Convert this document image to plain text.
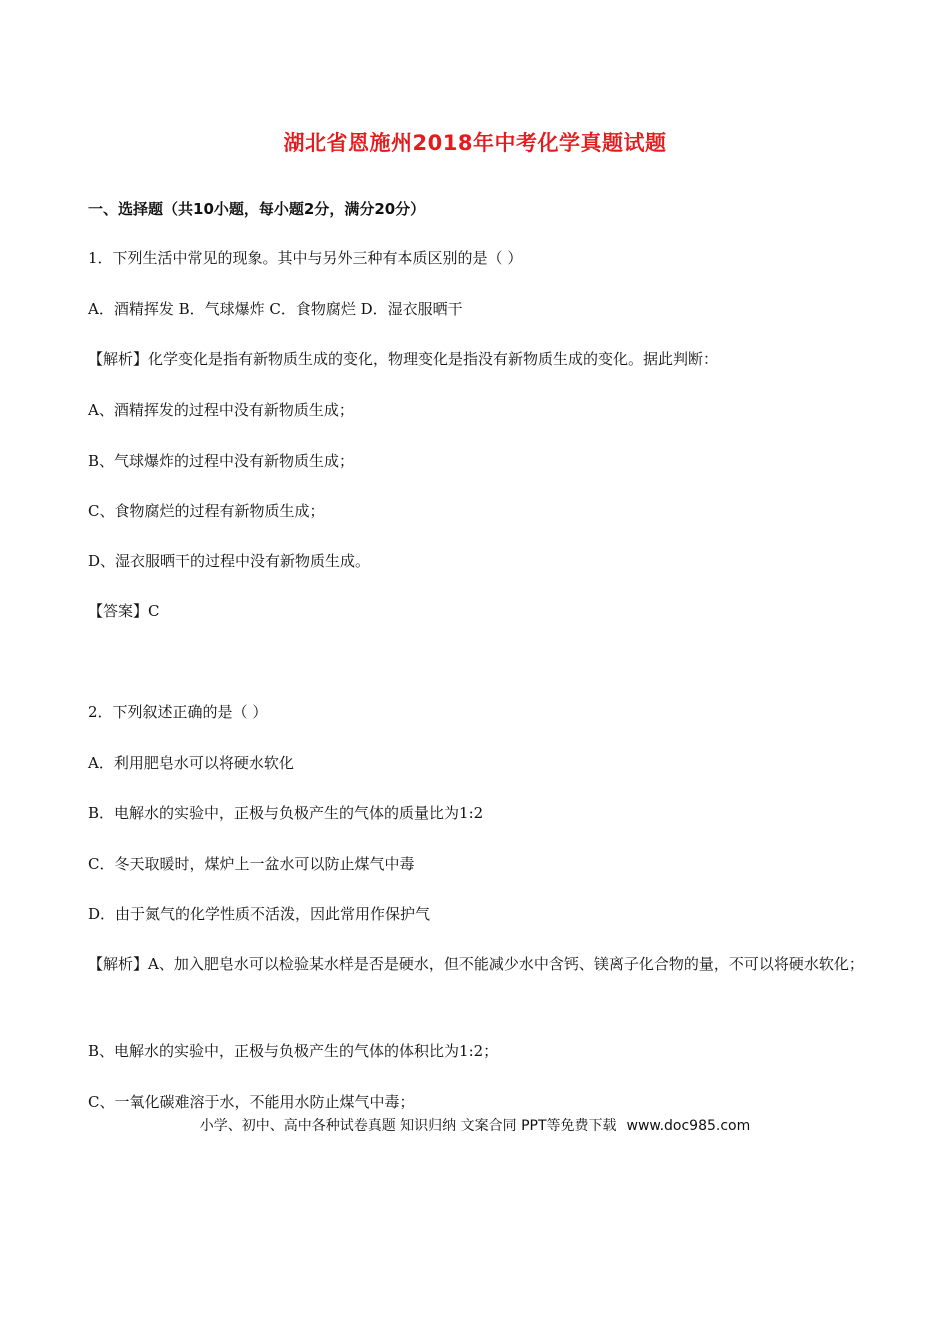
湖北省恩施州2018年中考化学真题试题
一、选择题（共10小题，每小题2分，满分20分）
1．下列生活中常见的现象。其中与另外三种有本质区别的是（ ）
A．酒精挥发 B．气球爆炸 C．食物腐烂 D．湿衣服晒干
【解析】化学变化是指有新物质生成的变化，物理变化是指没有新物质生成的变化。据此判断：
A、酒精挥发的过程中没有新物质生成；
B、气球爆炸的过程中没有新物质生成；
C、食物腐烂的过程有新物质生成；
D、湿衣服晒干的过程中没有新物质生成。
【答案】C
2．下列叙述正确的是（ ）
A．利用肥皂水可以将硬水软化
B．电解水的实验中，正极与负极产生的气体的质量比为1:2
C．冬天取暖时，煤炉上一盆水可以防止煤气中毒
D．由于氮气的化学性质不活泼，因此常用作保护气
【解析】A、加入肥皂水可以检验某水样是否是硬水，但不能减少水中含钙、镁离子化合物的量，不可以将硬水软化；
B、电解水的实验中，正极与负极产生的气体的体积比为1:2；
C、一氧化碳难溶于水，不能用水防止煤气中毒；
小学、初中、高中各种试卷真题 知识归纳 文案合同 PPT等免费下载 www.doc985.com
